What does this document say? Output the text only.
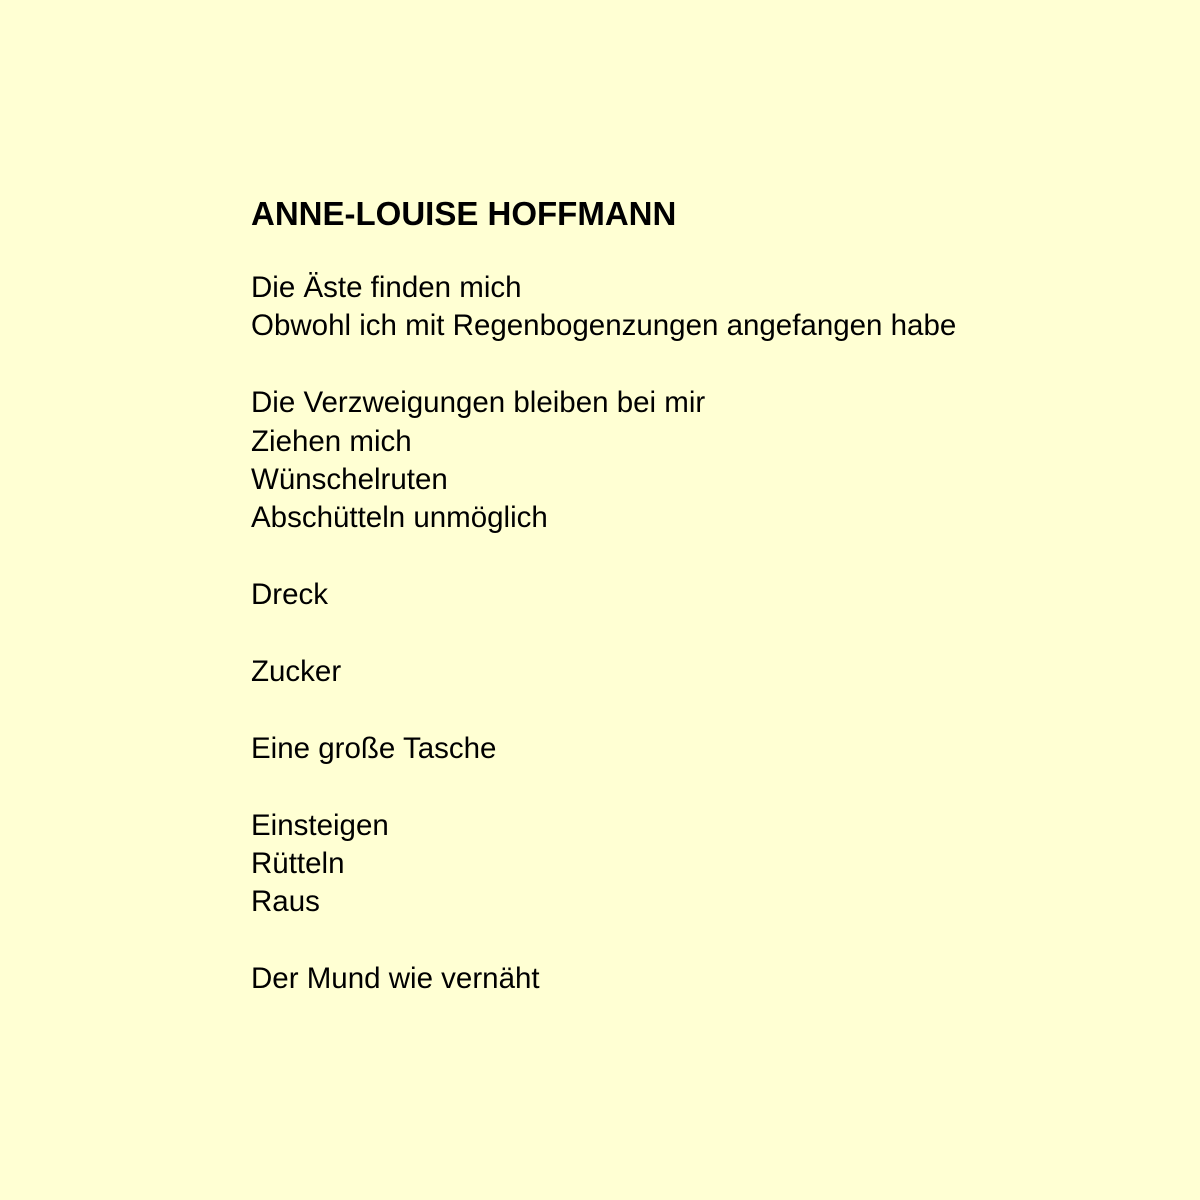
ANNE-LOUISE HOFFMANN
Die Äste finden mich
Obwohl ich mit Regenbogenzungen angefangen habe
Die Verzweigungen bleiben bei mir
Ziehen mich
Wünschelruten
Abschütteln unmöglich
Dreck
Zucker
Eine große Tasche
Einsteigen
Rütteln
Raus
Der Mund wie vernäht
